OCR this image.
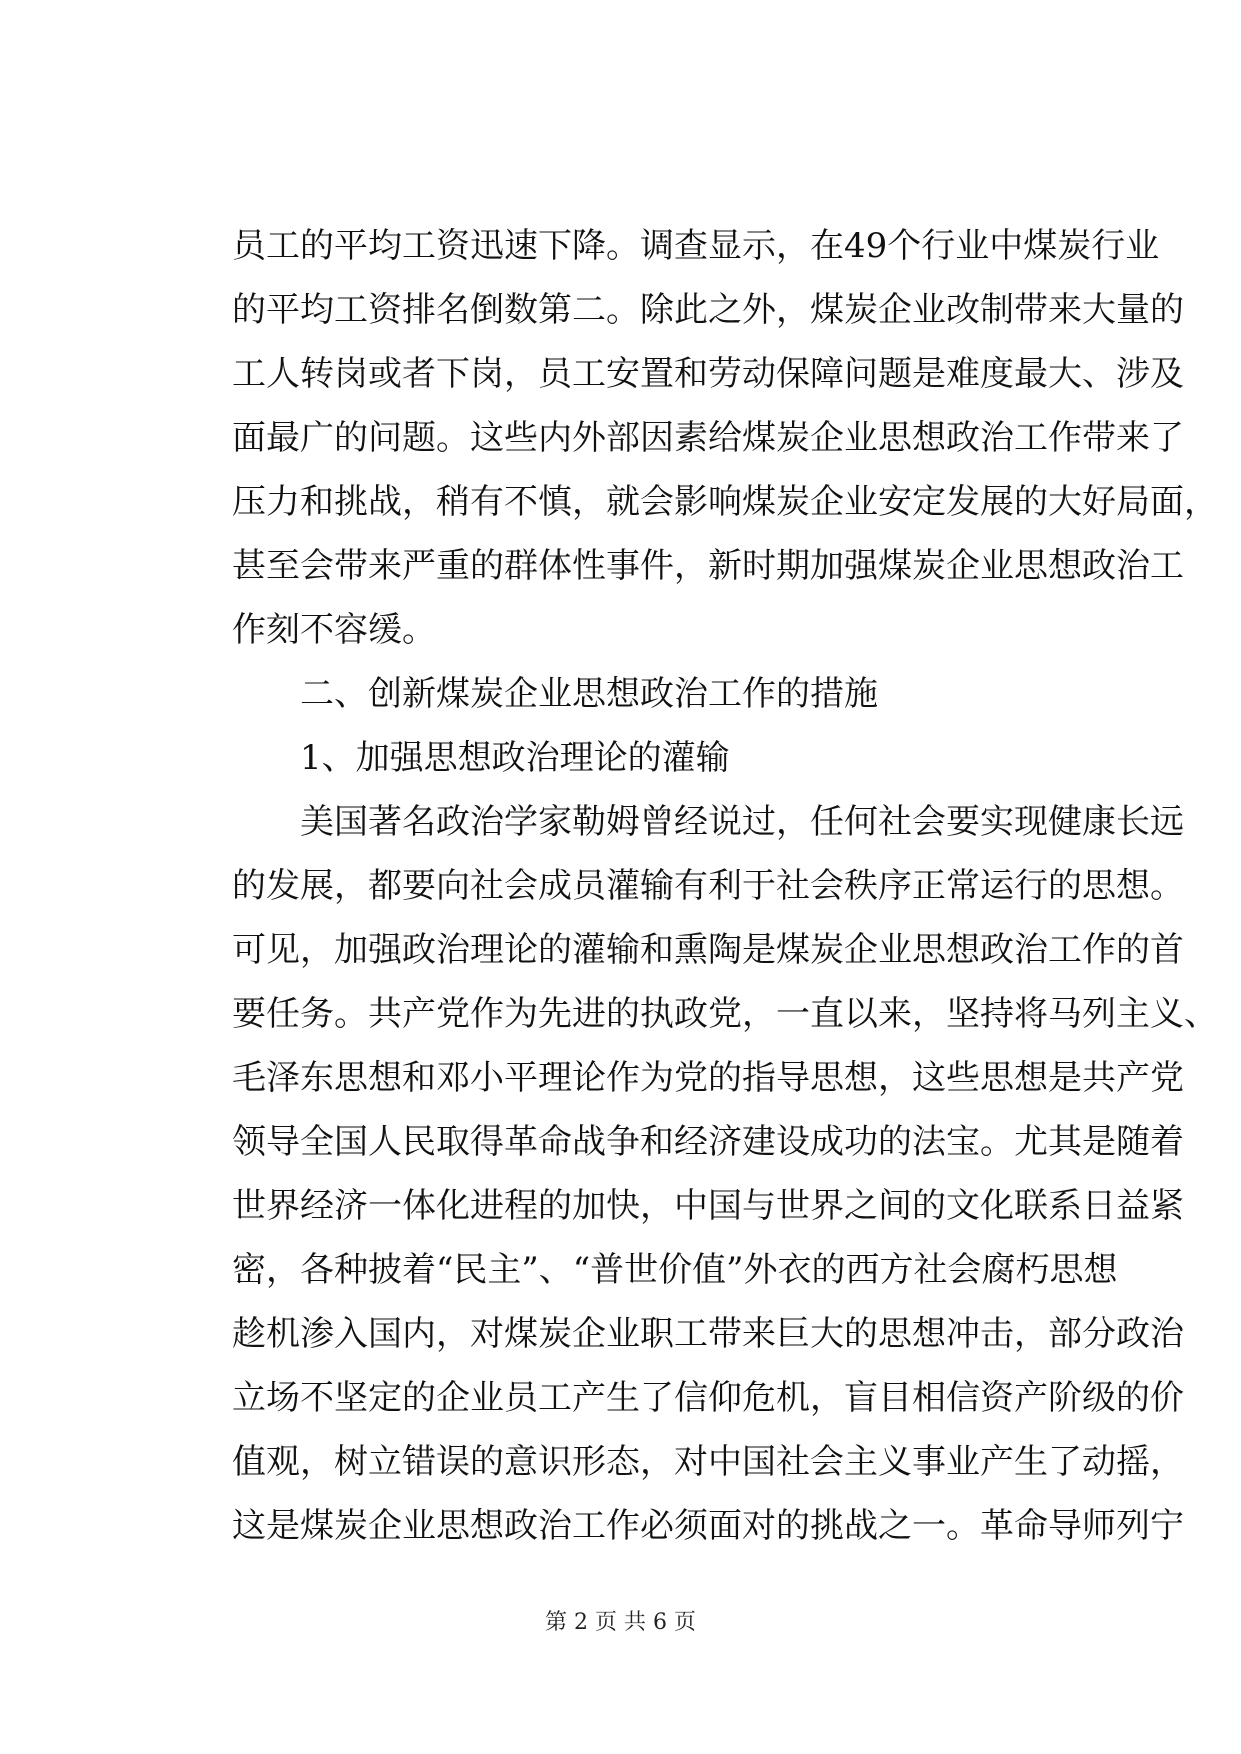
员工的平均工资迅速下降。调查显示，在49个行业中煤炭行业
的平均工资排名倒数第二。除此之外，煤炭企业改制带来大量的
工人转岗或者下岗，员工安置和劳动保障问题是难度最大、涉及
面最广的问题。这些内外部因素给煤炭企业思想政治工作带来了
压力和挑战，稍有不慎，就会影响煤炭企业安定发展的大好局面，
甚至会带来严重的群体性事件，新时期加强煤炭企业思想政治工
作刻不容缓。
二、创新煤炭企业思想政治工作的措施
1、加强思想政治理论的灌输
美国著名政治学家勒姆曾经说过，任何社会要实现健康长远
的发展，都要向社会成员灌输有利于社会秩序正常运行的思想。
可见，加强政治理论的灌输和熏陶是煤炭企业思想政治工作的首
要任务。共产党作为先进的执政党，一直以来，坚持将马列主义、
毛泽东思想和邓小平理论作为党的指导思想，这些思想是共产党
领导全国人民取得革命战争和经济建设成功的法宝。尤其是随着
世界经济一体化进程的加快，中国与世界之间的文化联系日益紧
密，各种披着“民主”、“普世价值”外衣的西方社会腐朽思想
趁机渗入国内，对煤炭企业职工带来巨大的思想冲击，部分政治
立场不坚定的企业员工产生了信仰危机，盲目相信资产阶级的价
值观，树立错误的意识形态，对中国社会主义事业产生了动摇，
这是煤炭企业思想政治工作必须面对的挑战之一。革命导师列宁
第 2 页 共 6 页
